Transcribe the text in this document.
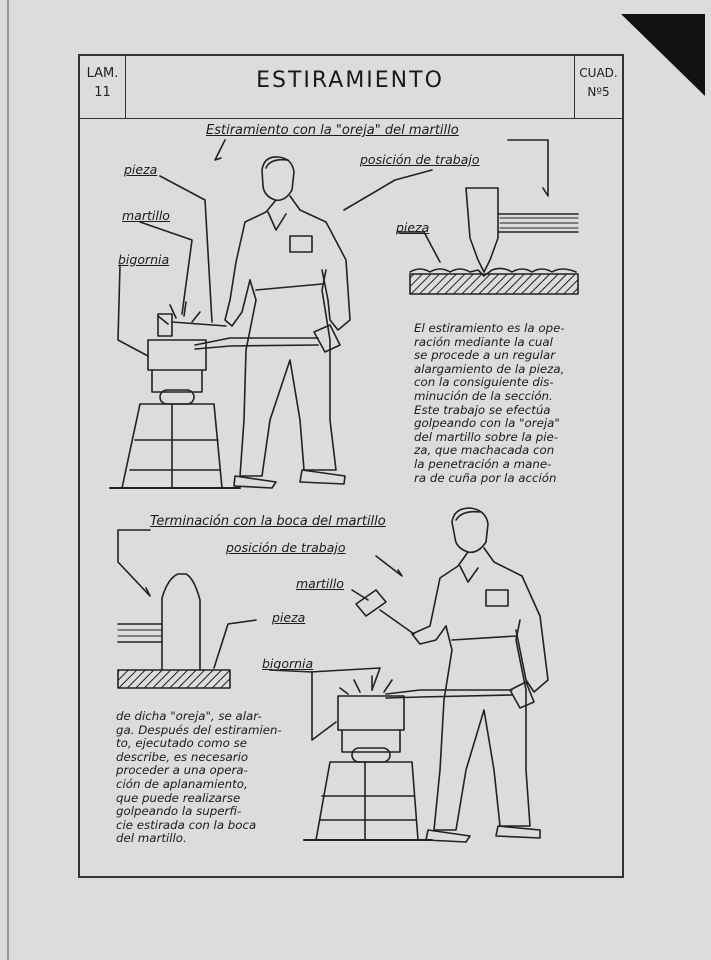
LAM.
11	ESTIRAMIENTO	CUAD.
Nº5
Estiramiento con la "oreja" del martillo
pieza
martillo
bigornia
posición de trabajo
pieza
El estiramiento es la ope-
ración mediante la cual
se procede a un regular
alargamiento de la pieza,
con la consiguiente dis-
minución de la sección.
Este trabajo se efectúa
golpeando con la "oreja"
del martillo sobre la pie-
za, que machacada con
la penetración a mane-
ra de cuña por la acción
Terminación con la boca del martillo
posición de trabajo
martillo
pieza
bigornia
de dicha "oreja", se alar-
ga. Después del estiramien-
to, ejecutado como se
describe, es necesario
proceder a una opera-
ción de aplanamiento,
que puede realizarse
golpeando la superfi-
cie estirada con la boca
del martillo.
